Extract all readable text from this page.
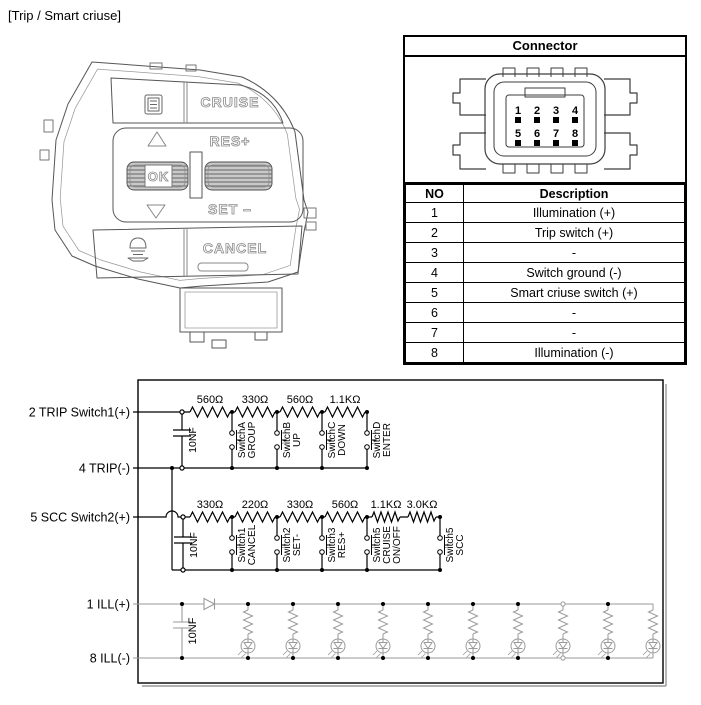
[Trip / Smart criuse]
CRUISE
RES+
SET –
CANCEL
OK
Connector
1 2 3 4
5 6 7 8
NO	Description
1	Illumination (+)
2	Trip switch (+)
3	-
4	Switch ground (-)
5	Smart criuse switch (+)
6	-
7	-
8	Illumination (-)
2 TRIP Switch1(+)
4 TRIP(-)
5 SCC Switch2(+)
1 ILL(+)
8 ILL(-)
560Ω 330Ω 560Ω 1.1KΩ
10NF	SwitchA GROUP SwitchB UP SwitchC DOWN SwitchD ENTER
330Ω 220Ω 330Ω 560Ω 1.1KΩ 3.0KΩ
10NF	Switch1 CANCEL Switch2 SET- Switch3 RES+ Switch5 CRUISE ON/OFF	Switch5 SCC
10NF
